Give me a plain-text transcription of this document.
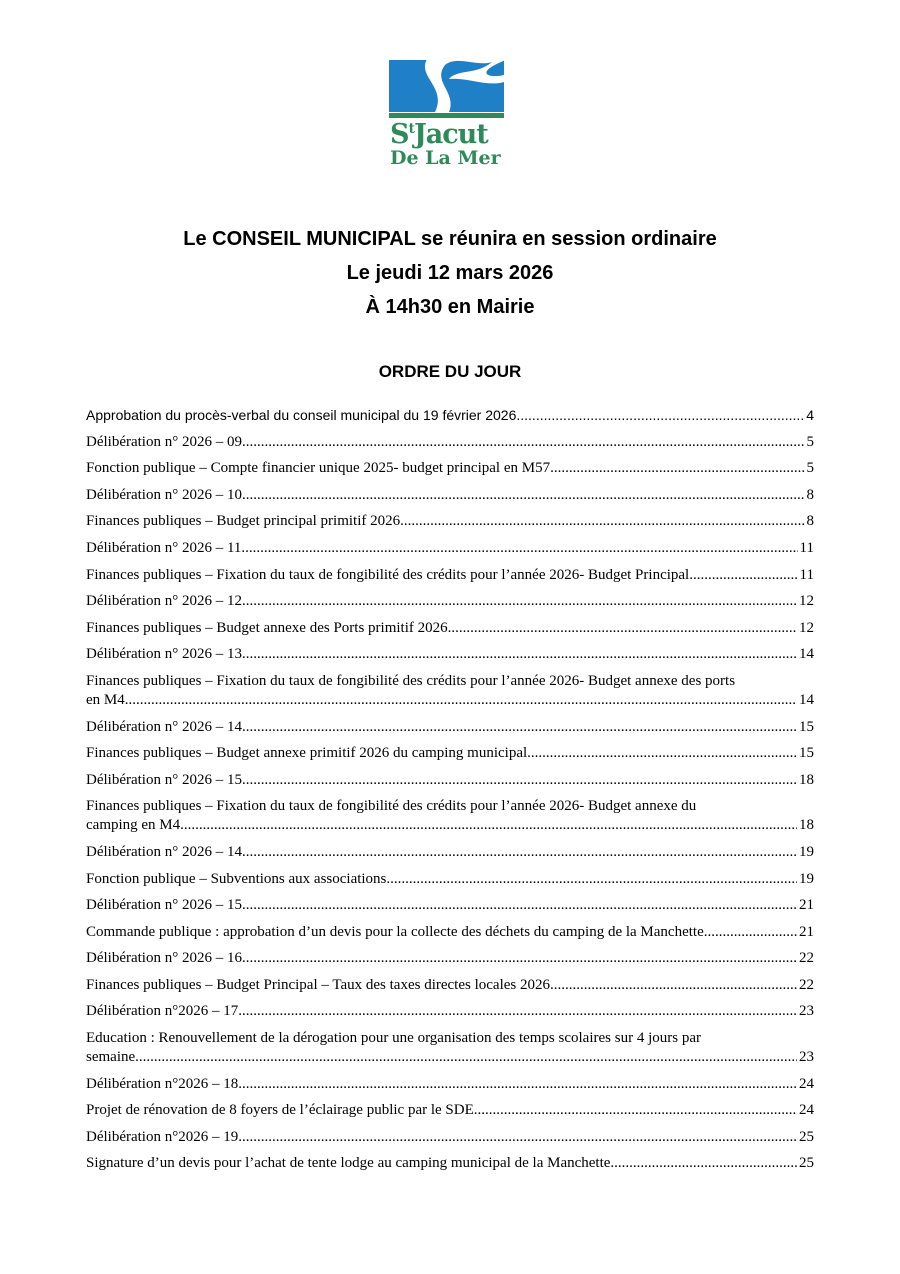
$S^tJacut$
De La Mer
Le CONSEIL MUNICIPAL se réunira en session ordinaire
Le jeudi 12 mars 2026
À 14h30 en Mairie
ORDRE DU JOUR
Approbation du procès-verbal du conseil municipal du 19 février 2026 .....	4
Délibération n° 2026 – 09 .....	5
Fonction publique – Compte financier unique 2025- budget principal en M57 .....	5
Délibération n° 2026 – 10 .....	8
Finances publiques – Budget principal primitif 2026 .....	8
Délibération n° 2026 – 11 .....	11
Finances publiques – Fixation du taux de fongibilité des crédits pour l’année 2026- Budget Principal .....	11
Délibération n° 2026 – 12 .....	12
Finances publiques – Budget annexe des Ports primitif 2026 .....	12
Délibération n° 2026 – 13 .....	14
Finances publiques – Fixation du taux de fongibilité des crédits pour l’année 2026- Budget annexe des ports
en M4 .....	14
Délibération n° 2026 – 14 .....	15
Finances publiques – Budget annexe primitif 2026 du camping municipal .....	15
Délibération n° 2026 – 15 .....	18
Finances publiques – Fixation du taux de fongibilité des crédits pour l’année 2026- Budget annexe du
camping en M4 .....	18
Délibération n° 2026 – 14 .....	19
Fonction publique – Subventions aux associations .....	19
Délibération n° 2026 – 15 .....	21
Commande publique : approbation d’un devis pour la collecte des déchets du camping de la Manchette .....	21
Délibération n° 2026 – 16 .....	22
Finances publiques – Budget Principal – Taux des taxes directes locales 2026 .....	22
Délibération n°2026 – 17 .....	23
Education : Renouvellement de la dérogation pour une organisation des temps scolaires sur 4 jours par
semaine .....	23
Délibération n°2026 – 18 .....	24
Projet de rénovation de 8 foyers de l’éclairage public par le SDE .....	24
Délibération n°2026 – 19 .....	25
Signature d’un devis pour l’achat de tente lodge au camping municipal de la Manchette .....	25
